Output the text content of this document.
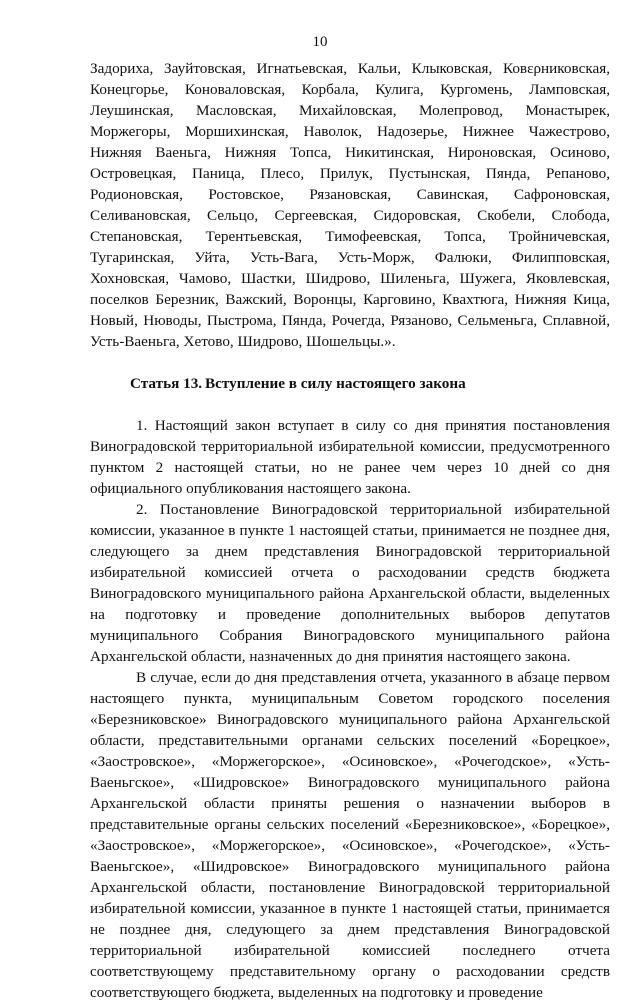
10

Задориха, Зауйтовская, Игнатьевская, Кальи, Клыковская, Ковερниковская, Конецгорье, Коноваловская, Корбала, Кулига, Кургомень, Ламповская, Леушинская, Масловская, Михайловская, Молепровод, Монастырек, Моржегоры, Моршихинская, Наволок, Надозерье, Нижнее Чажестрово, Нижняя Ваеньга, Нижняя Топса, Никитинская, Нироновская, Осиново, Островецкая, Паница, Плесо, Прилук, Пустынская, Пянда, Репаново, Родионовская, Ростовское, Рязановская, Савинская, Сафроновская, Селивановская, Сельцо, Сергеевская, Сидоровская, Скобели, Слобода, Степановская, Терентьевская, Тимофеевская, Топса, Тройничевская, Тугаринская, Уйта, Усть-Вага, Усть-Морж, Фалюки, Филипповская, Хохновская, Чамово, Шастки, Шидрово, Шиленьга, Шужега, Яковлевская, поселков Березник, Важский, Воронцы, Карговино, Квахтюга, Нижняя Кица, Новый, Нюводы, Пыстрома, Пянда, Рочегда, Рязаново, Сельменьга, Сплавной, Усть-Ваеньга, Хетово, Шидрово, Шошельцы.».

Статья 13. Вступление в силу настоящего закона

1. Настоящий закон вступает в силу со дня принятия постановления Виноградовской территориальной избирательной комиссии, предусмотренного пунктом 2 настоящей статьи, но не ранее чем через 10 дней со дня официального опубликования настоящего закона.

2. Постановление Виноградовской территориальной избирательной комиссии, указанное в пункте 1 настоящей статьи, принимается не позднее дня, следующего за днем представления Виноградовской территориальной избирательной комиссией отчета о расходовании средств бюджета Виноградовского муниципального района Архангельской области, выделенных на подготовку и проведение дополнительных выборов депутатов муниципального Собрания Виноградовского муниципального района Архангельской области, назначенных до дня принятия настоящего закона.

В случае, если до дня представления отчета, указанного в абзаце первом настоящего пункта, муниципальным Советом городского поселения «Березниковское» Виноградовского муниципального района Архангельской области, представительными органами сельских поселений «Борецкое», «Заостровское», «Моржегорское», «Осиновское», «Рочегодское», «Усть-Ваеньгское», «Шидровское» Виноградовского муниципального района Архангельской области приняты решения о назначении выборов в представительные органы сельских поселений «Березниковское», «Борецкое», «Заостровское», «Моржегорское», «Осиновское», «Рочегодское», «Усть-Ваеньгское», «Шидровское» Виноградовского муниципального района Архангельской области, постановление Виноградовской территориальной избирательной комиссии, указанное в пункте 1 настоящей статьи, принимается не позднее дня, следующего за днем представления Виноградовской территориальной избирательной комиссией последнего отчета соответствующему представительному органу о расходовании средств соответствующего бюджета, выделенных на подготовку и проведение
